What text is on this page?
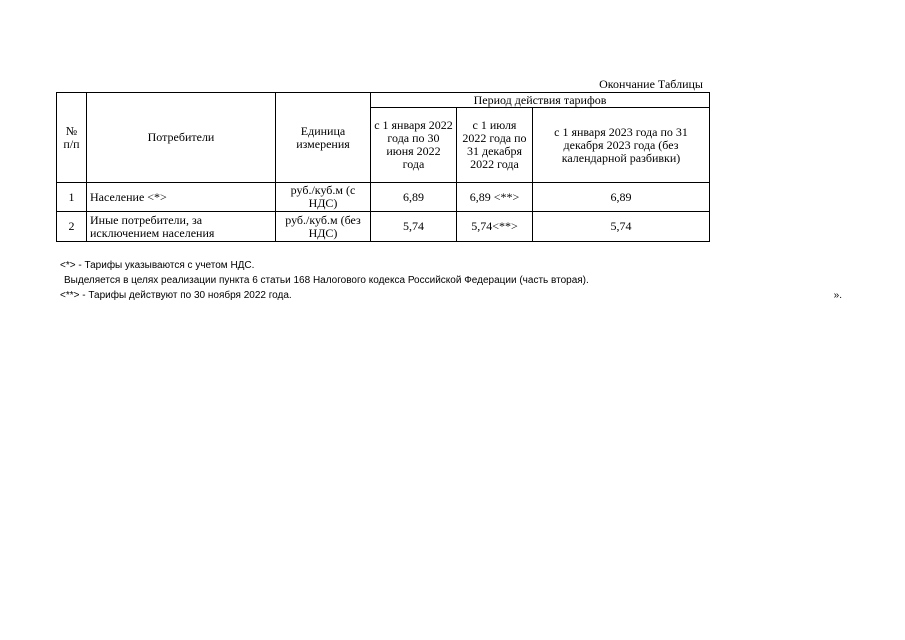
Окончание Таблицы
№ п/п	Потребители	Единица измерения	Период действия тарифов		
			с 1 января 2022 года по 30 июня 2022 года	с 1 июля 2022 года по 31 декабря 2022 года	с 1 января 2023 года по 31 декабря 2023 года (без календарной разбивки)
1	Население <*>	руб./куб.м (с НДС)	6,89	6,89 <**>	6,89
2	Иные потребители, за исключением населения	руб./куб.м (без НДС)	5,74	5,74<**>	5,74
<*> - Тарифы указываются с учетом НДС.
Выделяется в целях реализации пункта 6 статьи 168 Налогового кодекса Российской Федерации (часть вторая).
<**> - Тарифы действуют по 30 ноября 2022 года.	».
